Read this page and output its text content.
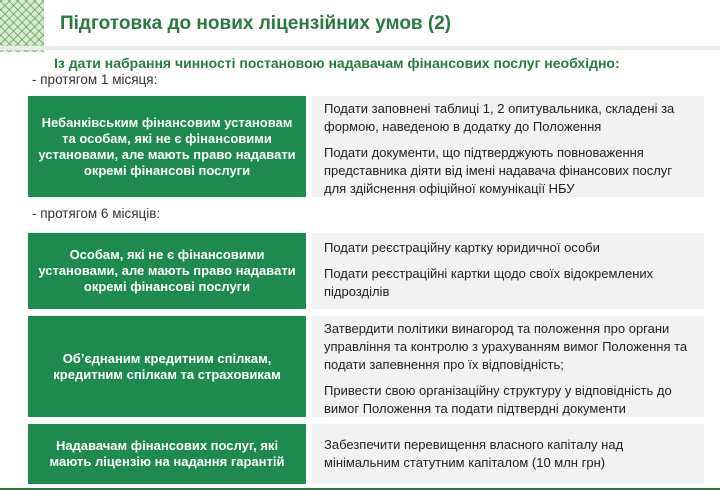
Підготовка до нових ліцензійних умов (2)
Із дати набрання чинності постановою надавачам фінансових послуг необхідно:
- протягом 1 місяця:
Небанківським фінансовим установам та особам, які не є фінансовими установами, але мають право надавати окремі фінансові послуги
Подати заповнені таблиці 1, 2 опитувальника, складені за формою, наведеною в додатку до Положення
Подати документи, що підтверджують повноваження представника діяти від імені надавача фінансових послуг для здійснення офіційної комунікації НБУ
- протягом 6 місяців:
Особам, які не є фінансовими установами, але мають право надавати окремі фінансові послуги
Подати реєстраційну картку юридичної особи
Подати реєстраційні картки щодо своїх відокремлених підрозділів
Об’єднаним кредитним спілкам, кредитним спілкам та страховикам
Затвердити політики винагород та положення про органи управління та контролю з урахуванням вимог Положення та подати запевнення про їх відповідність;
Привести свою організаційну структуру у відповідність до вимог Положення та подати підтвердні документи
Надавачам фінансових послуг, які мають ліцензію на надання гарантій
Забезпечити перевищення власного капіталу над мінімальним статутним капіталом (10 млн грн)
